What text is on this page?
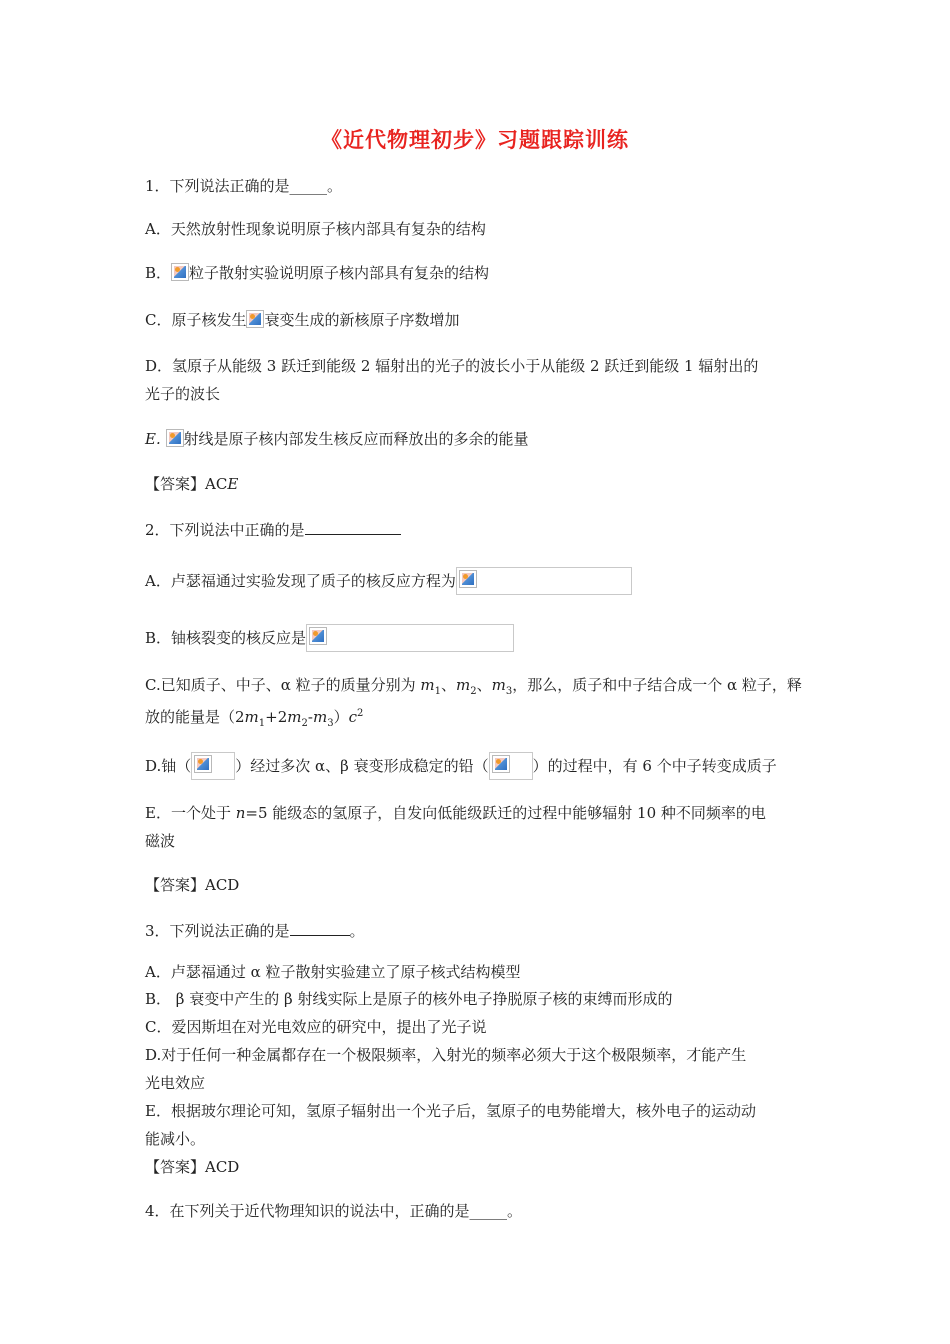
《近代物理初步》习题跟踪训练
1．下列说法正确的是_____。
A．天然放射性现象说明原子核内部具有复杂的结构
B． 粒子散射实验说明原子核内部具有复杂的结构
C．原子核发生 衰变生成的新核原子序数增加
D．氢原子从能级 3 跃迁到能级 2 辐射出的光子的波长小于从能级 2 跃迁到能级 1 辐射出的
光子的波长
E. 射线是原子核内部发生核反应而释放出的多余的能量
【答案】ACE
2．下列说法中正确的是
A．卢瑟福通过实验发现了质子的核反应方程为
B．铀核裂变的核反应是
C.已知质子、中子、α 粒子的质量分别为 $m_1$、$m_2$、$m_3$，那么，质子和中子结合成一个 α 粒子，释
放的能量是$(2m_1+2m_2-m_3)c^2$
D.铀（	）经过多次 α、β 衰变形成稳定的铅（	）的过程中，有 6 个中子转变成质子
E．一个处于 n=5 能级态的氢原子，自发向低能级跃迁的过程中能够辐射 10 种不同频率的电
磁波
【答案】ACD
3．下列说法正确的是	。
A．卢瑟福通过 α 粒子散射实验建立了原子核式结构模型
B． β 衰变中产生的 β 射线实际上是原子的核外电子挣脱原子核的束缚而形成的
C．爱因斯坦在对光电效应的研究中，提出了光子说
D.对于任何一种金属都存在一个极限频率，入射光的频率必须大于这个极限频率，才能产生
光电效应
E．根据玻尔理论可知，氢原子辐射出一个光子后，氢原子的电势能增大，核外电子的运动动
能减小。
【答案】ACD
4．在下列关于近代物理知识的说法中，正确的是_____。
